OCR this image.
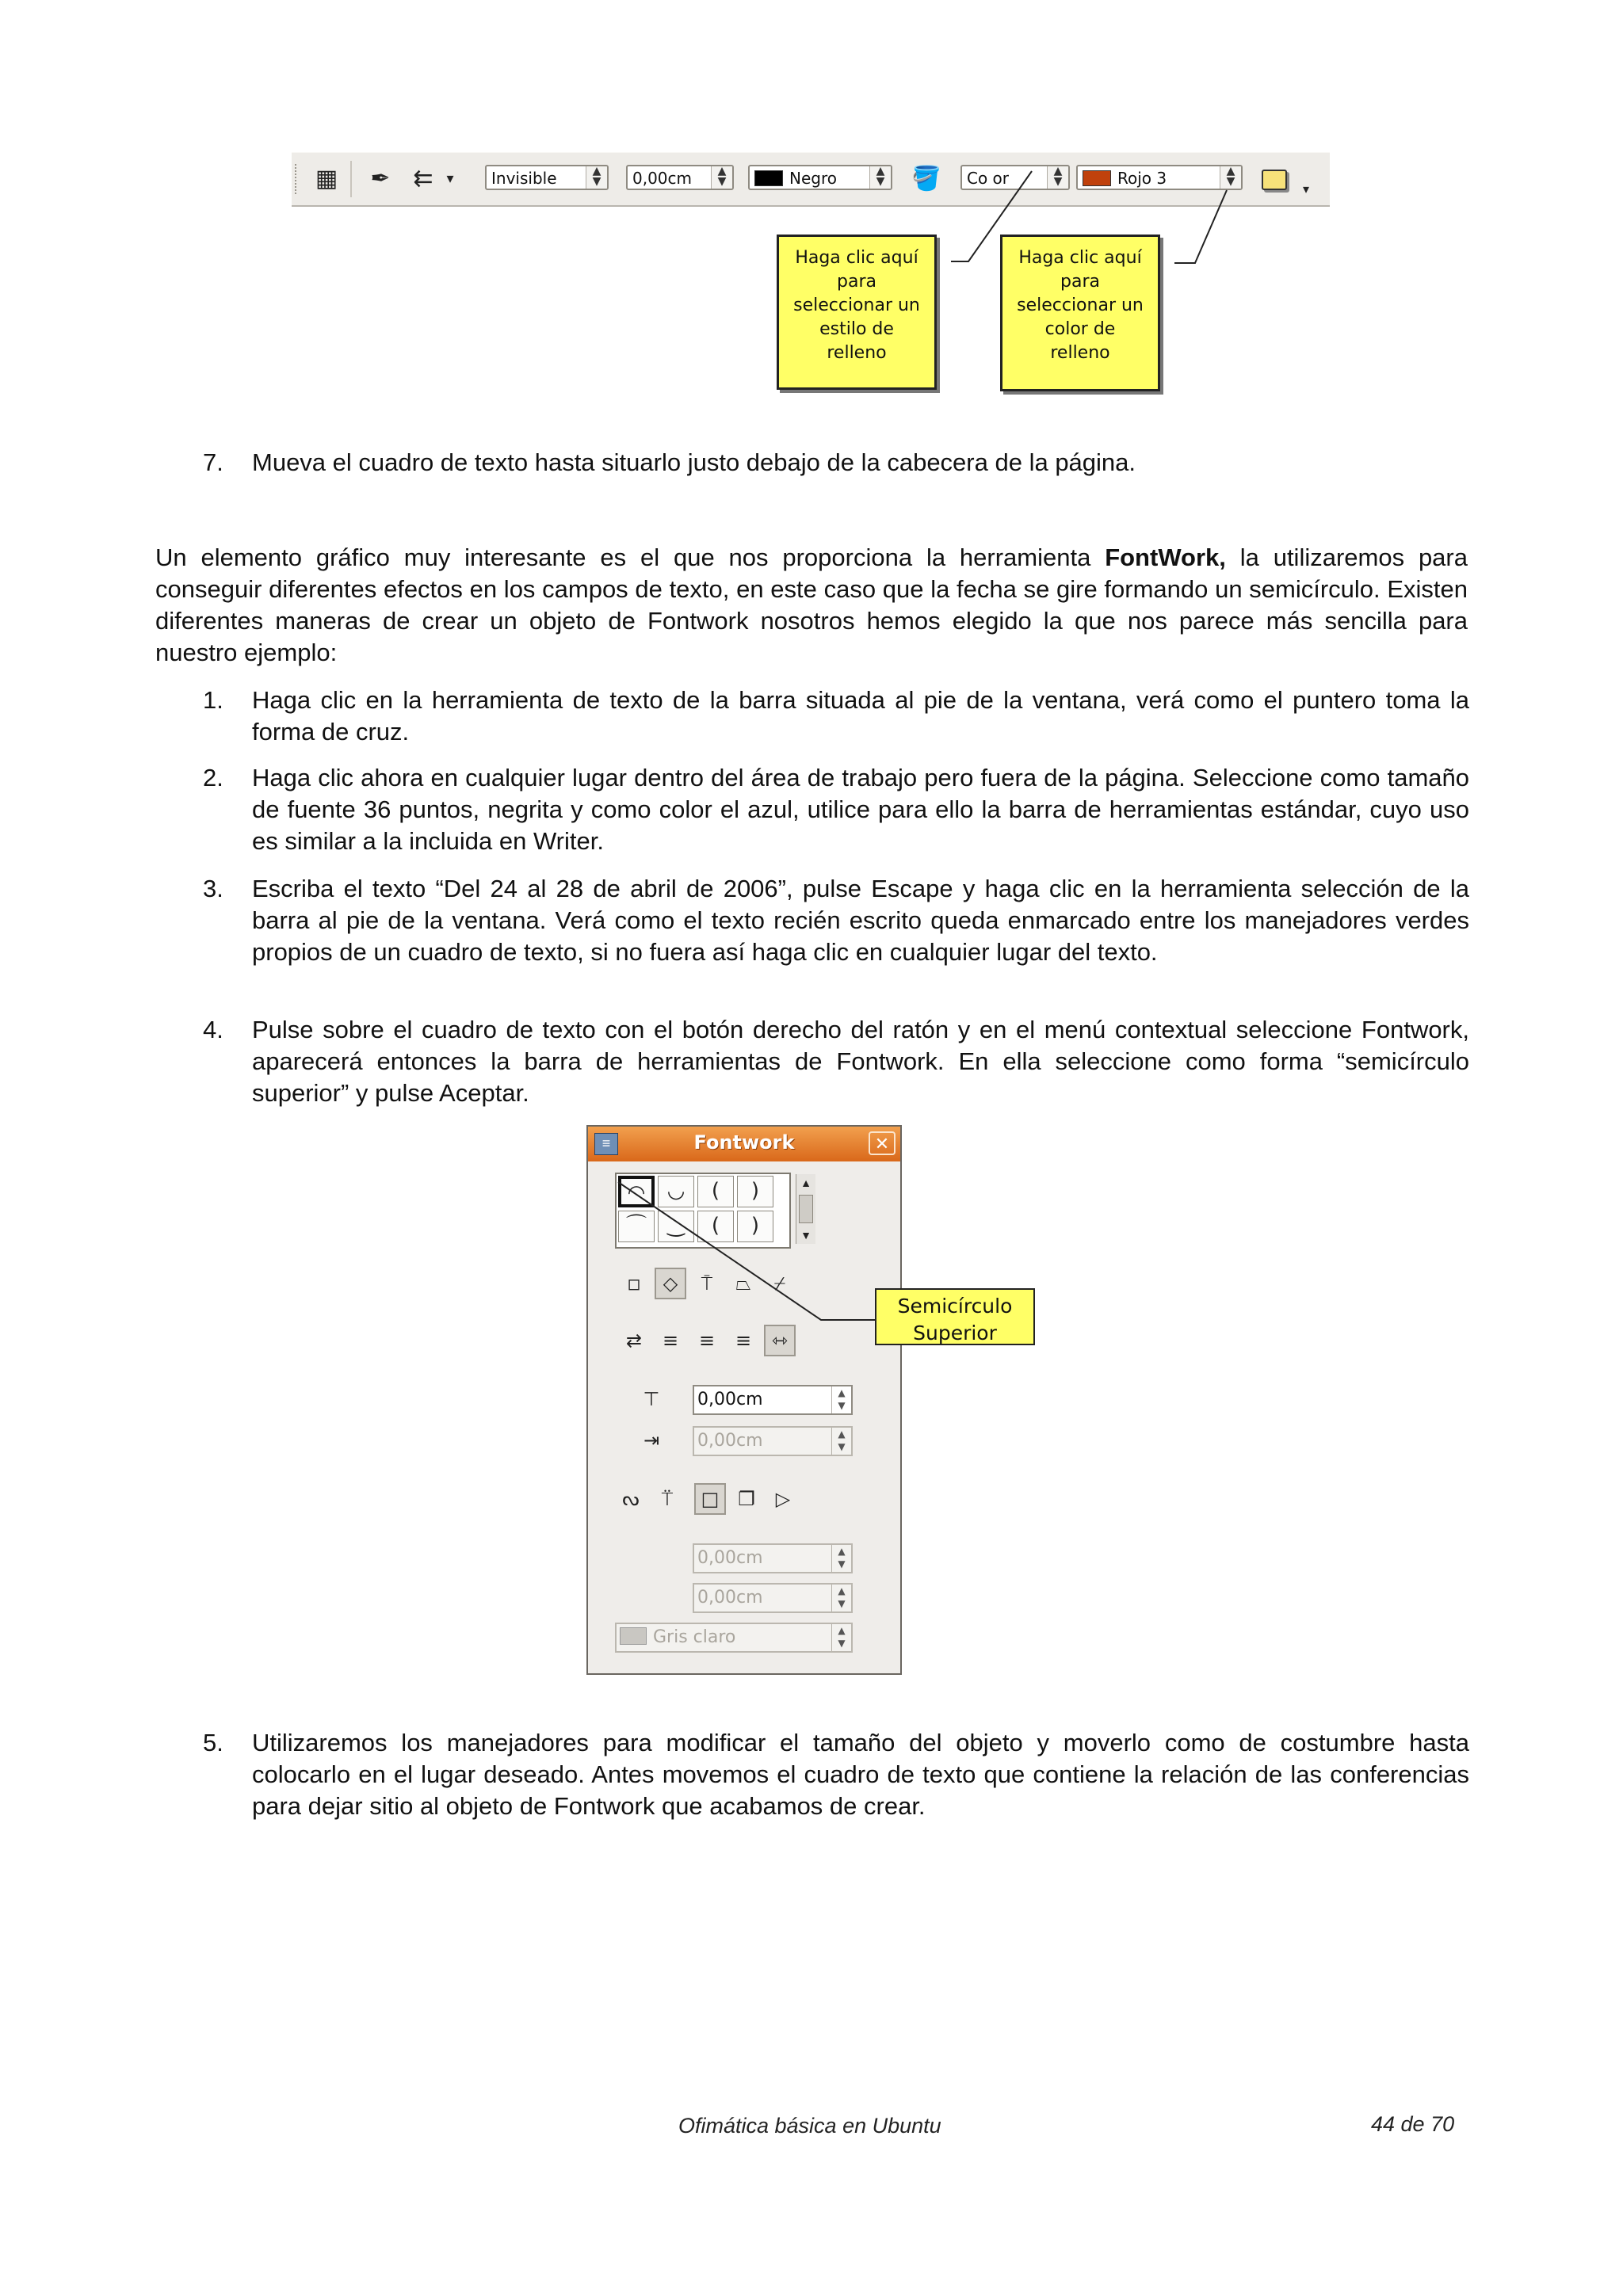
▦ ✒ ⇇ ▾	Invisible	▲
▼	0,00cm	▲
▼	Negro	▲
▼ 🪣	Co or	▲
▼	Rojo 3	▲
▼	▾
Haga clic aquí
para
seleccionar un
estilo de
relleno
Haga clic aquí
para
seleccionar un
color de
relleno
7.	Mueva el cuadro de texto hasta situarlo justo debajo de la cabecera de la página.
Un elemento gráfico muy interesante es el que nos proporciona la herramienta FontWork, la utilizaremos para conseguir diferentes efectos en los campos de texto, en este caso que la fecha se gire formando un semicírculo. Existen diferentes maneras de crear un objeto de Fontwork nosotros hemos elegido la que nos parece más sencilla para nuestro ejemplo:
1.	Haga clic en la herramienta de texto de la barra situada al pie de la ventana, verá como el puntero toma la forma de cruz.
2.	Haga clic ahora en cualquier lugar dentro del área de trabajo pero fuera de la página. Seleccione como tamaño de fuente 36 puntos, negrita y como color el azul, utilice para ello la barra de herramientas estándar, cuyo uso es similar a la incluida en Writer.
3.	Escriba el texto “Del 24 al 28 de abril de 2006”, pulse Escape y haga clic en la herramienta selección de la barra al pie de la ventana. Verá como el texto recién escrito queda enmarcado entre los manejadores verdes propios de un cuadro de texto, si no fuera así haga clic en cualquier lugar del texto.
4.	Pulse sobre el cuadro de texto con el botón derecho del ratón y en el menú contextual seleccione Fontwork, aparecerá entonces la barra de herramientas de Fontwork. En ella seleccione como forma “semicírculo superior” y pulse Aceptar.
≡	Fontwork	✕
◠	◡	(	)
⌒	‿	(	)
▲
▼
◽	◇	⍑	⏢	⌿
⇄	≡	≡	≡	⇿
⊤	0,00cm	▲
▼
⇥	0,00cm	▲
▼
ᔓ	⍡	□ ❐	▷
0,00cm	▲
▼
0,00cm	▲
▼
Gris claro	▲
▼
Semicírculo
Superior
5.	Utilizaremos los manejadores para modificar el tamaño del objeto y moverlo como de costumbre hasta colocarlo en el lugar deseado. Antes movemos el cuadro de texto que contiene la relación de las conferencias para dejar sitio al objeto de Fontwork que acabamos de crear.
Ofimática básica en Ubuntu	44 de 70
